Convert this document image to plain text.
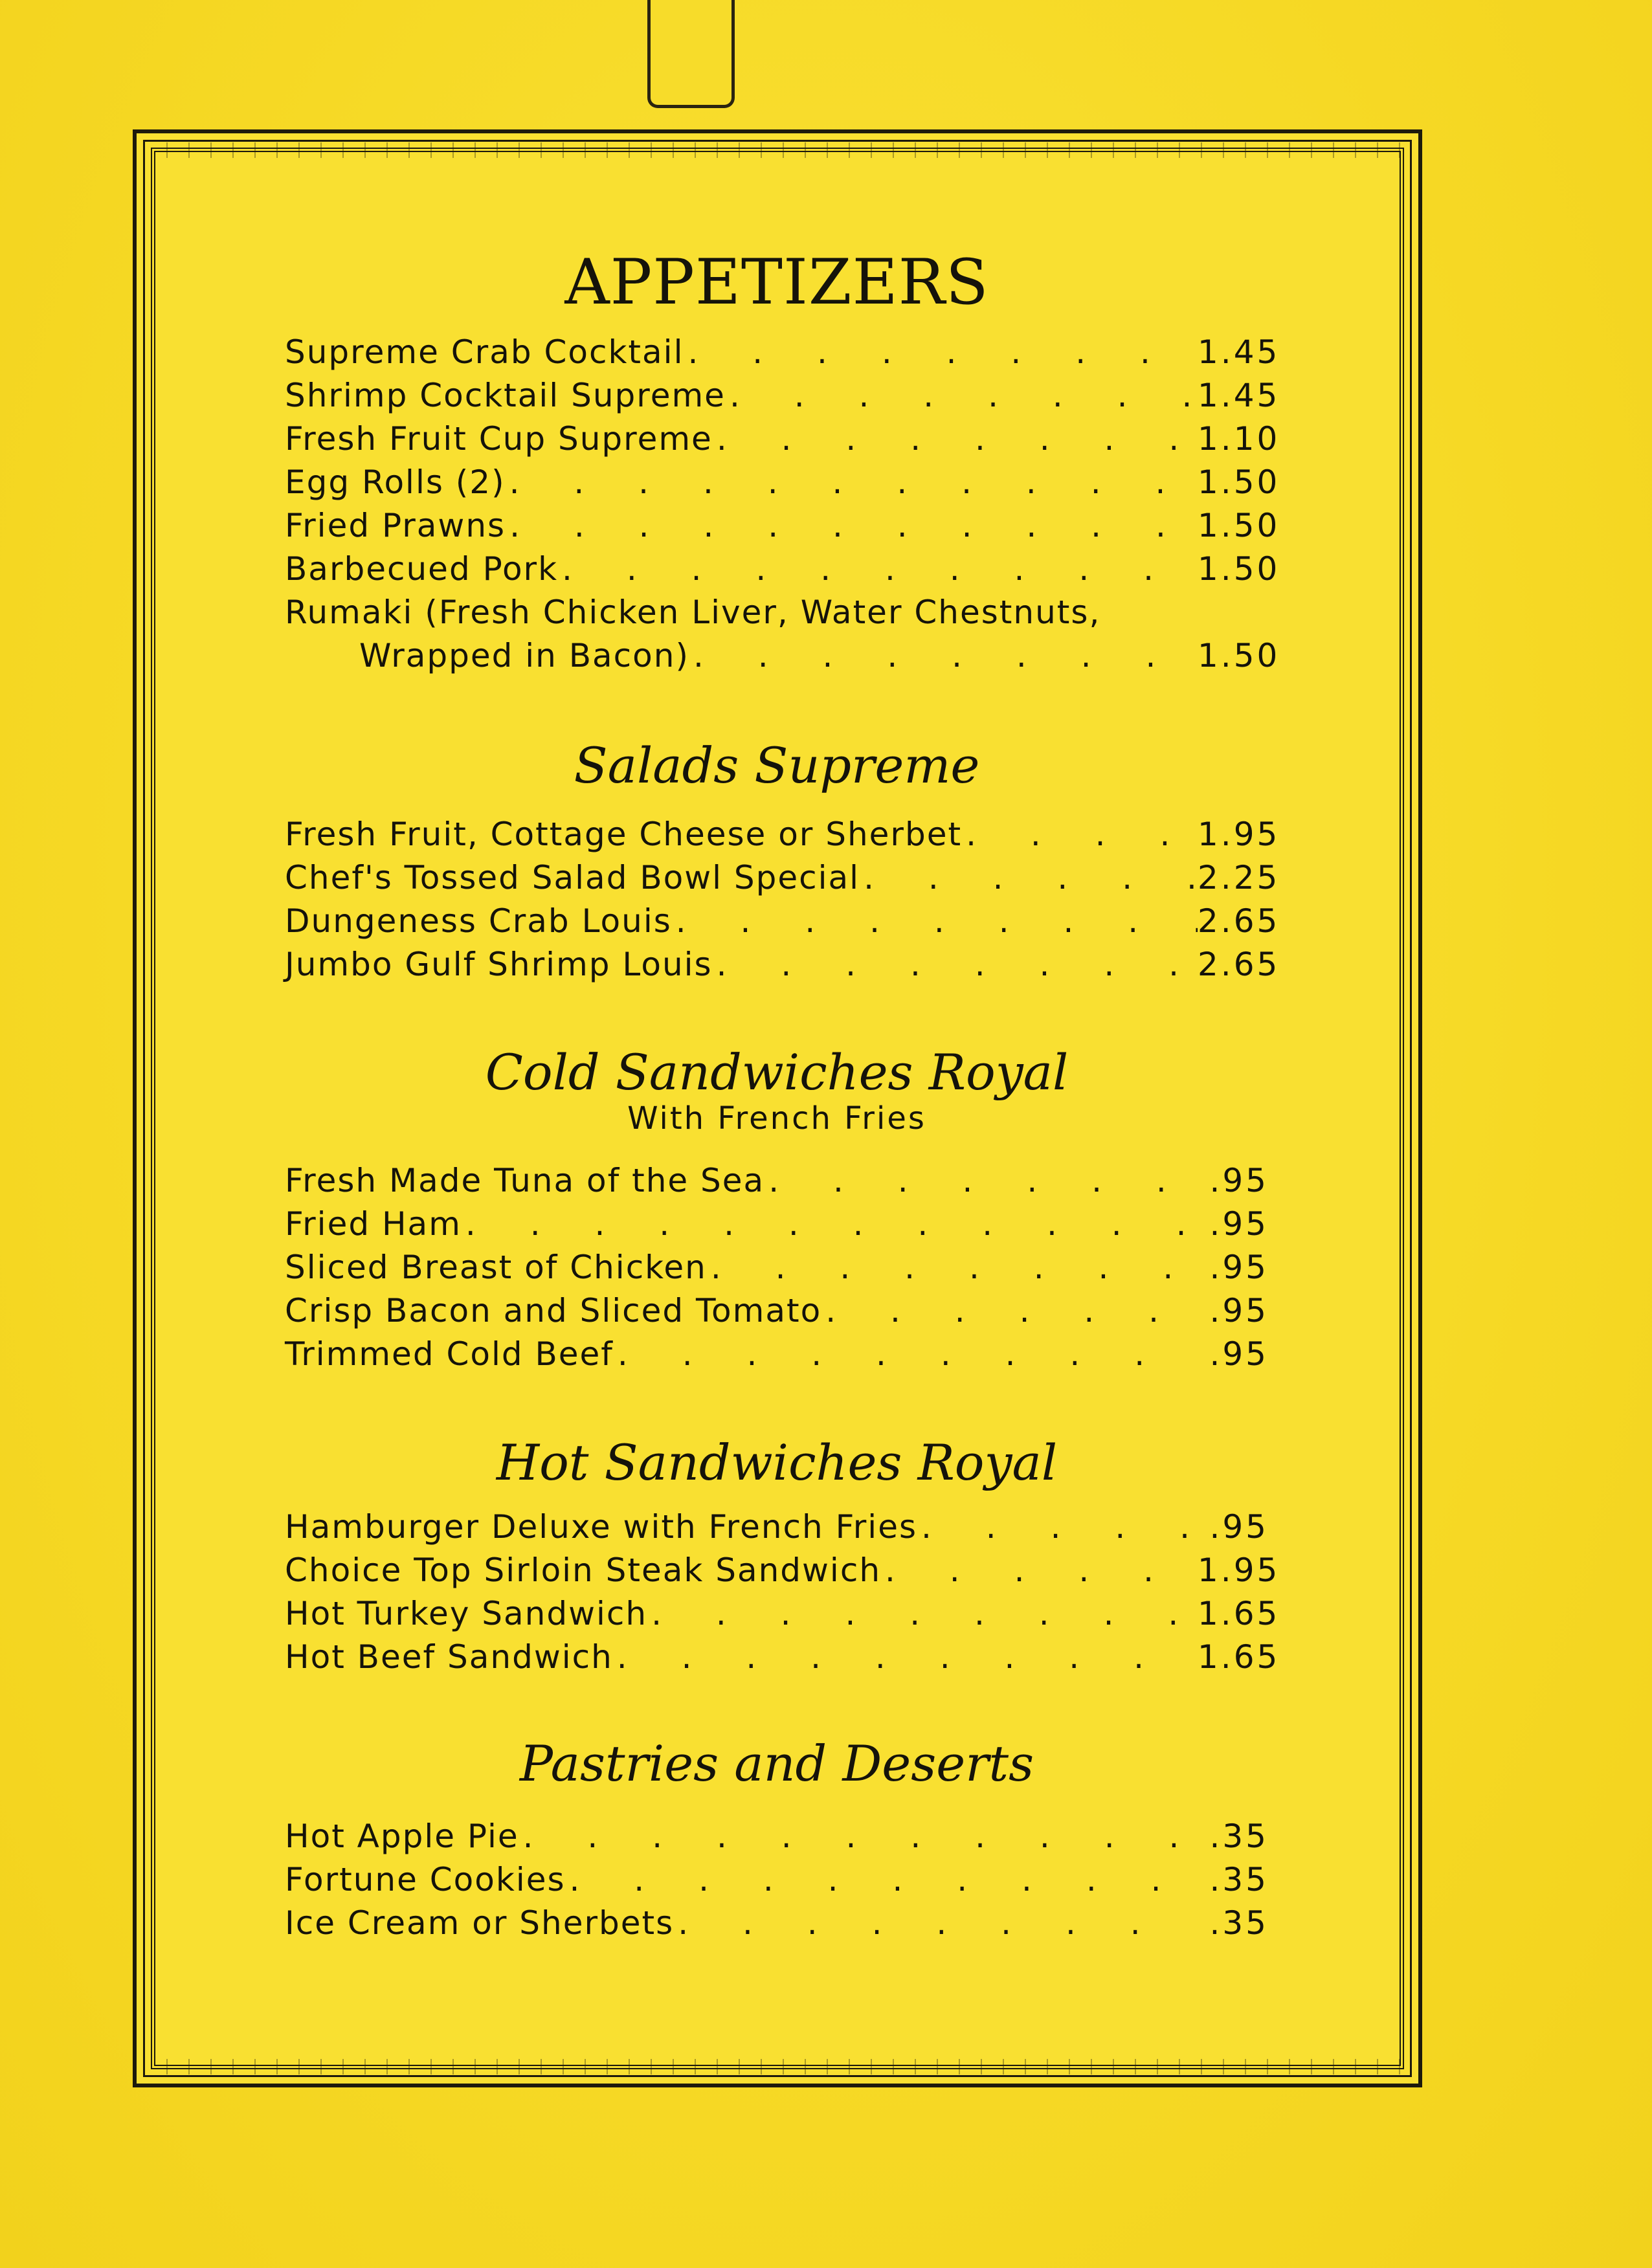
APPETIZERS
Supreme Crab Cocktail . . .	1.45
Shrimp Cocktail Supreme . . .	1.45
Fresh Fruit Cup Supreme . . .	1.10
Egg Rolls (2) . . .	1.50
Fried Prawns . . .	1.50
Barbecued Pork . . .	1.50
Rumaki (Fresh Chicken Liver, Water Chestnuts,
Wrapped in Bacon) . . .	1.50
Salads Supreme
Fresh Fruit, Cottage Cheese or Sherbet . . .	1.95
Chef's Tossed Salad Bowl Special . . .	2.25
Dungeness Crab Louis . . .	2.65
Jumbo Gulf Shrimp Louis . . .	2.65
Cold Sandwiches Royal
With French Fries
Fresh Made Tuna of the Sea . . .	.95
Fried Ham . . .	.95
Sliced Breast of Chicken . . .	.95
Crisp Bacon and Sliced Tomato . . .	.95
Trimmed Cold Beef . . .	.95
Hot Sandwiches Royal
Hamburger Deluxe with French Fries . . .	.95
Choice Top Sirloin Steak Sandwich . . .	1.95
Hot Turkey Sandwich . . .	1.65
Hot Beef Sandwich . . .	1.65
Pastries and Deserts
Hot Apple Pie . . .	.35
Fortune Cookies . . .	.35
Ice Cream or Sherbets . . .	.35
